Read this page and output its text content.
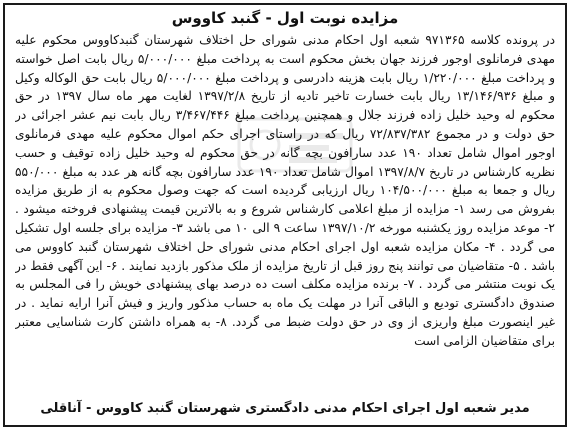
مزایده نوبت اول - گنبد کاووس
در پرونده کلاسه ۹۷۱۳۶۵ شعبه اول احکام مدنی شورای حل اختلاف شهرستان گنبدکاووس محکوم علیه مهدی فرمانلوی اوجور فرزند جهان بخش محکوم است به پرداخت مبلغ ۵/۰۰۰/۰۰۰ ریال بابت اصل خواسته و پرداخت مبلغ ۱/۲۲۰/۰۰۰ ریال بابت هزینه دادرسی و پرداخت مبلغ ۵/۰۰۰/۰۰۰ ریال بابت حق الوکاله وکیل و مبلغ ۱۳/۱۴۶/۹۳۶ ریال بابت خسارت تاخیر تادیه از تاریخ ۱۳۹۷/۲/۸ لغایت مهر ماه سال ۱۳۹۷ در حق محکوم له وحید خلیل زاده فرزند جلال و همچنین پرداخت مبلغ ۳/۴۶۷/۴۴۶ ریال بابت نیم عشر اجرائی در حق دولت و در مجموع ۷۲/۸۳۷/۳۸۲ ریال که در راستای اجرای حکم اموال محکوم علیه مهدی فرمانلوی اوجور اموال شامل تعداد ۱۹۰ عدد سارافون بچه گانه در حق محکوم له وحید خلیل زاده توقیف و حسب نظریه کارشناس در تاریخ ۱۳۹۷/۸/۷ اموال شامل تعداد ۱۹۰ عدد سارافون بچه گانه هر عدد به مبلغ ۵۵۰/۰۰۰ ریال و جمعا به مبلغ ۱۰۴/۵۰۰/۰۰۰ ریال ارزیابی گردیده است که جهت وصول محکوم به از طریق مزایده بفروش می رسد ۱- مزایده از مبلغ اعلامی کارشناس شروع و به بالاترین قیمت پیشنهادی فروخته میشود . ۲- موعد مزایده روز یکشنبه مورخه ۱۳۹۷/۱۰/۲ ساعت ۹ الی ۱۰ می باشد ۳- مزایده برای جلسه اول تشکیل می گردد . ۴- مکان مزایده شعبه اول اجرای احکام مدنی شورای حل اختلاف شهرستان گنبد کاووس می باشد . ۵- متقاضیان می توانند پنج روز قبل از تاریخ مزایده از ملک مذکور بازدید نمایند . ۶- این آگهی فقط در یک نوبت منتشر می گردد . ۷- برنده مزایده مکلف است ده درصد بهای پیشنهادی خویش را فی المجلس به صندوق دادگستری تودیع و الباقی آنرا در مهلت یک ماه به حساب مذکور واریز و فیش آنرا ارایه نماید . در غیر اینصورت مبلغ واریزی از وی در حق دولت ضبط می گردد. ۸- به همراه داشتن کارت شناسایی معتبر برای متقاضیان الزامی است
مدیر شعبه اول اجرای احکام مدنی دادگستری شهرستان گنبد کاووس - آناقلی
